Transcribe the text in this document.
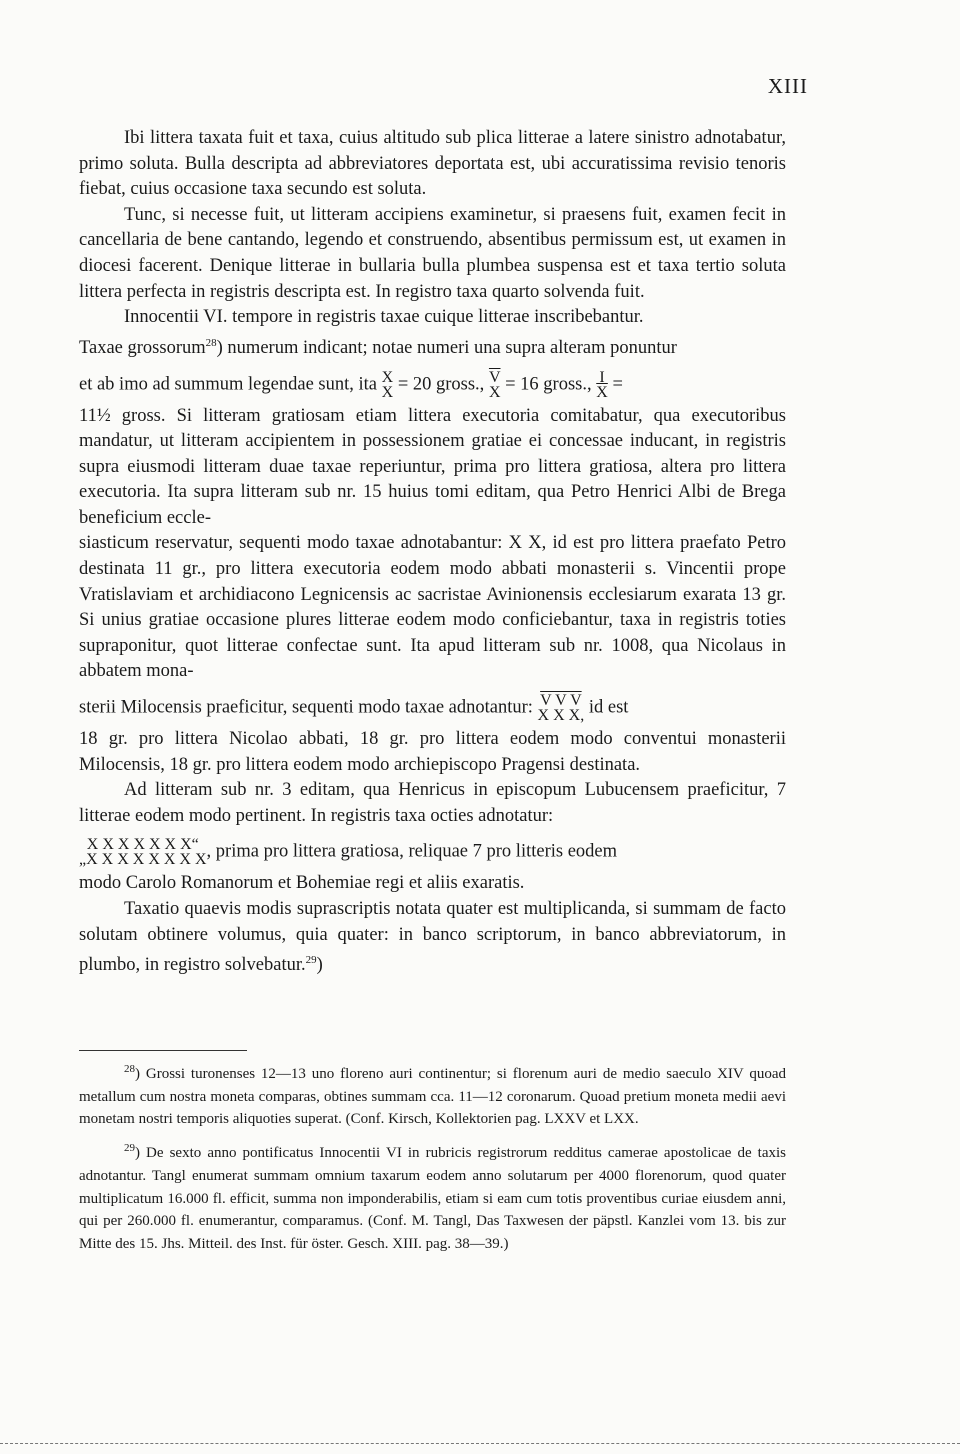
XIII

Ibi littera taxata fuit et taxa, cuius altitudo sub plica litterae a latere sinistro adnotabatur, primo soluta. Bulla descripta ad abbreviatores deportata est, ubi accuratissima revisio tenoris fiebat, cuius occasione taxa secundo est soluta.

Tunc, si necesse fuit, ut litteram accipiens examinetur, si praesens fuit, examen fecit in cancellaria de bene cantando, legendo et construendo, absentibus permissum est, ut examen in diocesi facerent. Denique litterae in bullaria bulla plumbea suspensa est et taxa tertio soluta littera perfecta in registris descripta est. In registro taxa quarto solvenda fuit.

Innocentii VI. tempore in registris taxae cuique litterae inscribebantur.

Taxae grossorum$^{28}$) numerum indicant; notae numeri una supra alteram ponuntur

et ab imo ad summum legendae sunt, ita X
X = 20 gross., $\overline{V}$
X = 16 gross., $\frac{I}{X}$ =

11½ gross. Si litteram gratiosam etiam littera executoria comitabatur, qua executoribus mandatur, ut litteram accipientem in possessionem gratiae ei concessae inducant, in registris supra eiusmodi litteram duae taxae reperiuntur, prima pro littera gratiosa, altera pro littera executoria. Ita supra litteram sub nr. 15 huius tomi editam, qua Petro Henrici Albi de Brega beneficium eccle-

siasticum reservatur, sequenti modo taxae adnotabantur: X X, id est pro littera praefato Petro destinata 11 gr., pro littera executoria eodem modo abbati monasterii s. Vincentii prope Vratislaviam et archidiacono Legnicensis ac sacristae Avinionensis ecclesiarum exarata 13 gr. Si unius gratiae occasione plures litterae eodem modo conficiebantur, taxa in registris toties supraponitur, quot litterae confectae sunt. Ita apud litteram sub nr. 1008, qua Nicolaus in abbatem mona-

sterii Milocensis praeficitur, sequenti modo taxae adnotantur: V V V
X X X, id est

18 gr. pro littera Nicolao abbati, 18 gr. pro littera eodem modo conventui monasterii Milocensis, 18 gr. pro littera eodem modo archiepiscopo Pragensi destinata.

Ad litteram sub nr. 3 editam, qua Henricus in episcopum Lubucensem praeficitur, 7 litterae eodem modo pertinent. In registris taxa octies adnotatur:

X X X X X X X“
„X X X X X X X X , prima pro littera gratiosa, reliquae 7 pro litteris eodem

modo Carolo Romanorum et Bohemiae regi et aliis exaratis.

Taxatio quaevis modis suprascriptis notata quater est multiplicanda, si summam de facto solutam obtinere volumus, quia quater: in banco scriptorum, in banco abbreviatorum, in plumbo, in registro solvebatur.$^{29}$)

$^{28}$) Grossi turonenses 12—13 uno floreno auri continentur; si florenum auri de medio saeculo XIV quoad metallum cum nostra moneta comparas, obtines summam cca. 11—12 coronarum. Quoad pretium moneta medii aevi monetam nostri temporis aliquoties superat. (Conf. Kirsch, Kollektorien pag. LXXV et LXX.

$^{29}$) De sexto anno pontificatus Innocentii VI in rubricis registrorum redditus camerae apostolicae de taxis adnotantur. Tangl enumerat summam omnium taxarum eodem anno solutarum per 4000 florenorum, quod quater multiplicatum 16.000 fl. efficit, summa non imponderabilis, etiam si eam cum totis proventibus curiae eiusdem anni, qui per 260.000 fl. enumerantur, comparamus. (Conf. M. Tangl, Das Taxwesen der päpstl. Kanzlei vom 13. bis zur Mitte des 15. Jhs. Mitteil. des Inst. für öster. Gesch. XIII. pag. 38—39.)
